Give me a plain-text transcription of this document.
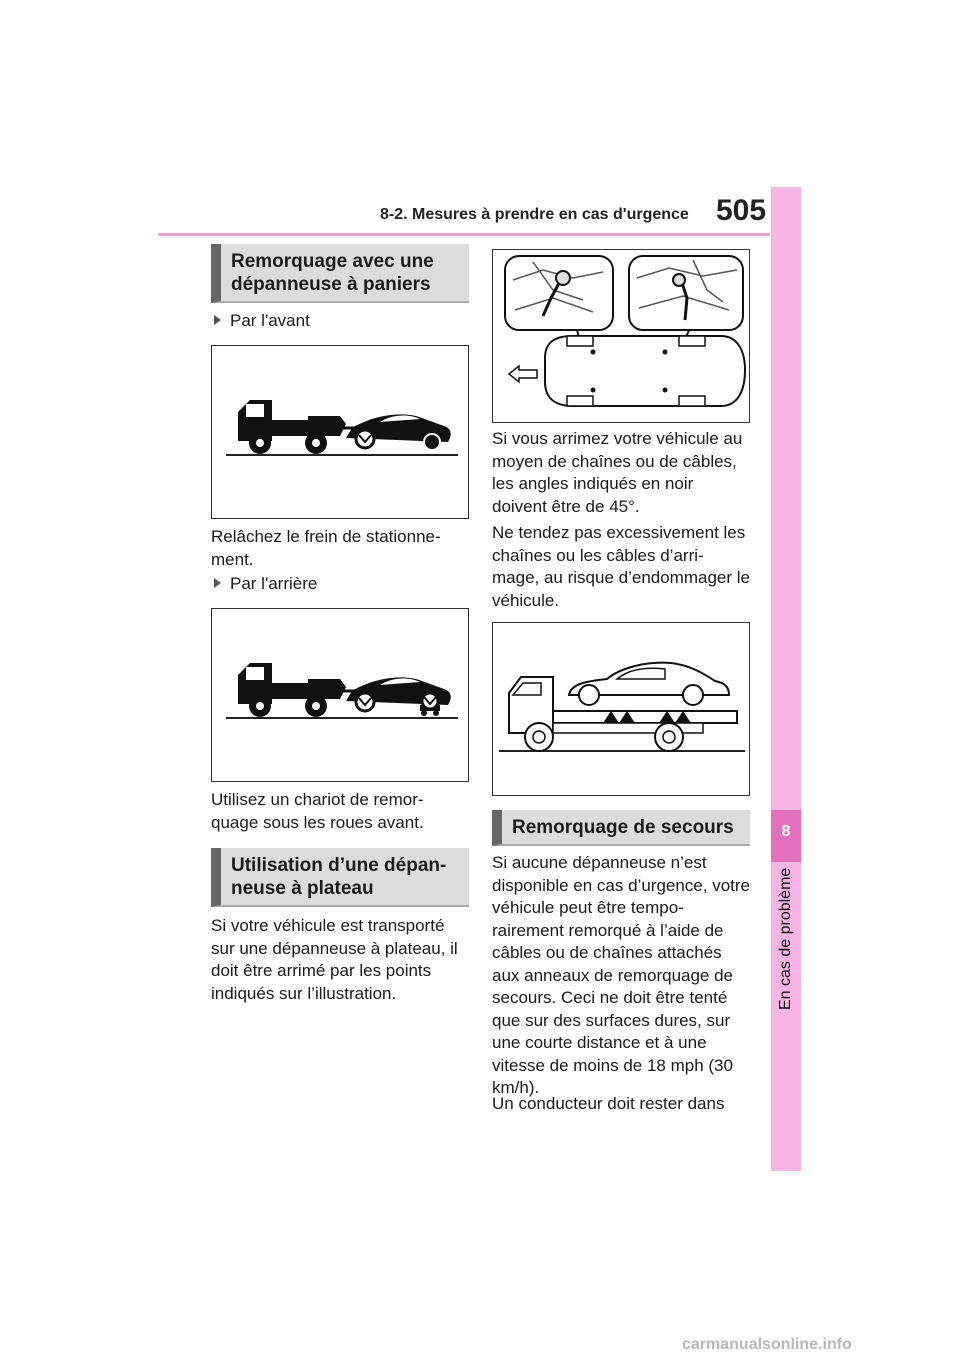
8-2. Mesures à prendre en cas d'urgence 505
8
En cas de problème
Remorquage avec une dépanneuse à paniers
Par l'avant
Relâchez le frein de stationne-ment.
Par l'arrière
Utilisez un chariot de remor-quage sous les roues avant.
Utilisation d’une dépan-neuse à plateau
Si votre véhicule est transporté sur une dépanneuse à plateau, il doit être arrimé par les points indiqués sur l’illustration.
Si vous arrimez votre véhicule au moyen de chaînes ou de câbles, les angles indiqués en noir doivent être de 45°.
Ne tendez pas excessivement les chaînes ou les câbles d’arri-mage, au risque d’endommager le véhicule.
Remorquage de secours
Si aucune dépanneuse n’est disponible en cas d’urgence, votre véhicule peut être tempo-rairement remorqué à l’aide de câbles ou de chaînes attachés aux anneaux de remorquage de secours. Ceci ne doit être tenté que sur des surfaces dures, sur une courte distance et à une vitesse de moins de 18 mph (30 km/h).
Un conducteur doit rester dans
carmanualsonline.info
